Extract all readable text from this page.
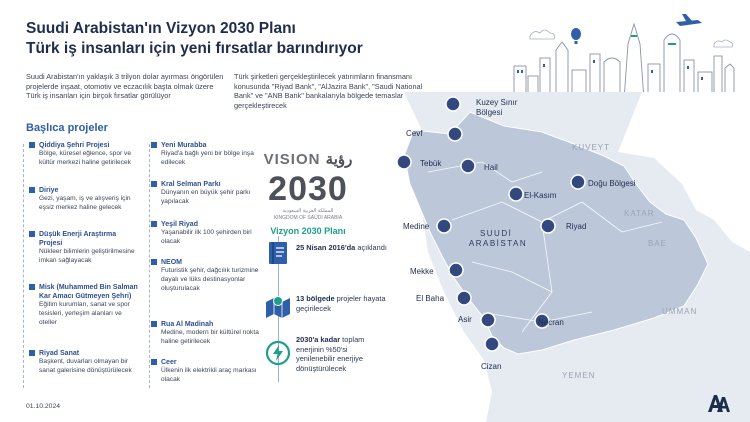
Suudi Arabistan'ın Vizyon 2030 Planı
Türk iş insanları için yeni fırsatlar barındırıyor

Suudi Arabistan'ın yaklaşık 3 trilyon dolar ayırması öngörülen projelerde inşaat, otomotiv ve eczacılık başta olmak üzere Türk iş insanları için birçok fırsatlar görülüyor

Türk şirketleri gerçekleştirilecek yatırımların finansmanı konusunda "Riyad Bank", "AlJazira Bank", "Saudi National Bank" ve "ANB Bank" bankalarıyla bölgede temaslar gerçekleştirecek

Başlıca projeler
Qiddiya Şehri Projesi
Bölge, küresel eğlence, spor ve kültür merkezi haline getirilecek
Diriye
Gezi, yaşam, iş ve alışveriş için eşsiz merkez haline gelecek
Düşük Enerji Araştırma Projesi
Nükleer bilimlerin geliştirilmesine imkan sağlayacak
Misk (Muhammed Bin Salman Kar Amacı Gütmeyen Şehri)
Eğitim kurumları, sanat ve spor tesisleri, yerleşim alanları ve oteller
Riyad Sanat
Başkent, duvarları olmayan bir sanat galerisine dönüştürülecek
Yeni Murabba
Riyad'a bağlı yeni bir bölge inşa edilecek
Kral Selman Parkı
Dünyanın en büyük şehir parkı yapılacak
Yeşil Riyad
Yaşanabilir ilk 100 şehirden biri olacak
NEOM
Futuristik şehir, dağcılık turizmine dayalı ve lüks destinasyonlar oluşturulacak
Rua Al Madinah
Medine, modern bir kültürel nokta haline getirilecek
Ceer
Ülkenin ilk elektrikli araç markası olacak
KUVEYT
KATAR
BAE
UMMAN
YEMEN
SUUDİ ARABİSTAN
Kuzey Sınır Bölgesi
Cevf
Tebük	Hail
El-Kasım
Doğu Bölgesi
Medine	Riyad
Mekke
El Baha
Asir	Necran
Cizan
VISION رؤية
2030
المملكة العربية السعودية
KINGDOM OF SAUDI ARABIA
Vizyon 2030 Planı
25 Nisan 2016'da açıklandı
13 bölgede projeler hayata geçirilecek
2030'a kadar toplam enerjinin %50'si yenilenebilir enerjiye dönüştürülecek
01.10.2024
